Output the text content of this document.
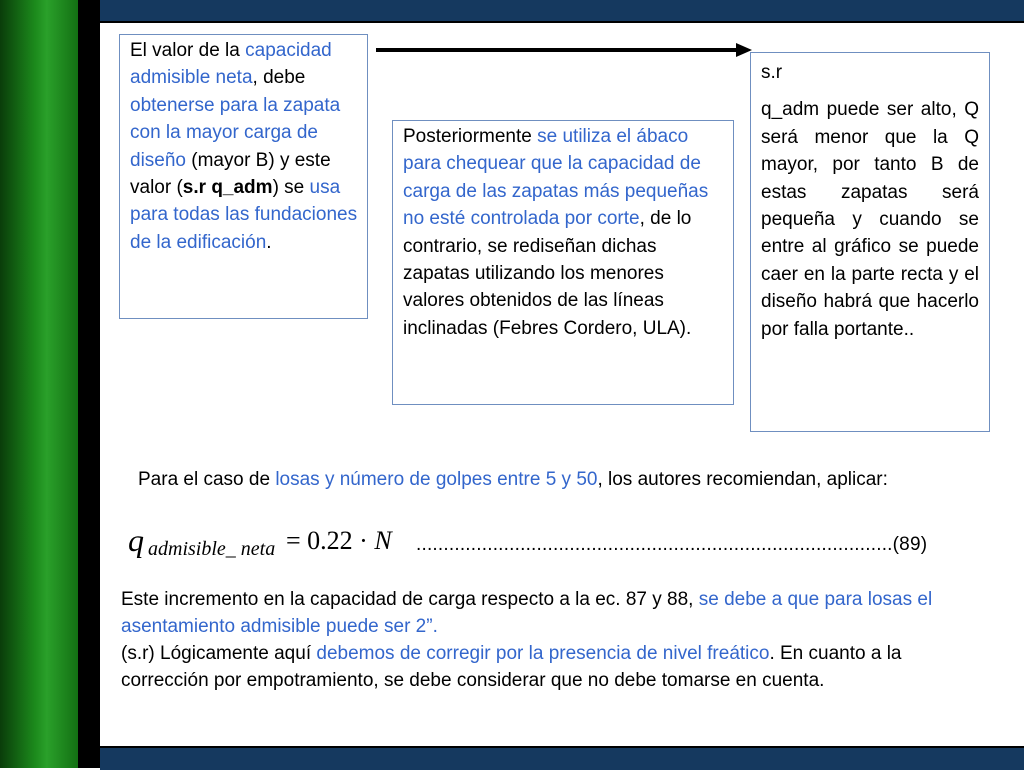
El valor de la capacidad admisible neta, debe obtenerse para la zapata con la mayor carga de diseño (mayor B) y este valor (s.r q_adm) se usa para todas las fundaciones de la edificación.
Posteriormente se utiliza el ábaco para chequear que la capacidad de carga de las zapatas más pequeñas no esté controlada por corte, de lo contrario, se rediseñan dichas zapatas utilizando los menores valores obtenidos de las líneas inclinadas (Febres Cordero, ULA).

s.r

q_adm puede ser alto, Q será menor que la Q mayor, por tanto B de estas zapatas será pequeña y cuando se entre al gráfico se puede caer en la parte recta y el diseño habrá que hacerlo por falla portante..

Para el caso de losas y número de golpes entre 5 y 50, los autores recomiendan, aplicar:
q admisible_ neta = 0.22 · N .......................................................................................(89)
Este incremento en la capacidad de carga respecto a la ec. 87 y 88, se debe a que para losas el asentamiento admisible puede ser 2”.
(s.r) Lógicamente aquí debemos de corregir por la presencia de nivel freático. En cuanto a la corrección por empotramiento, se debe considerar que no debe tomarse en cuenta.
